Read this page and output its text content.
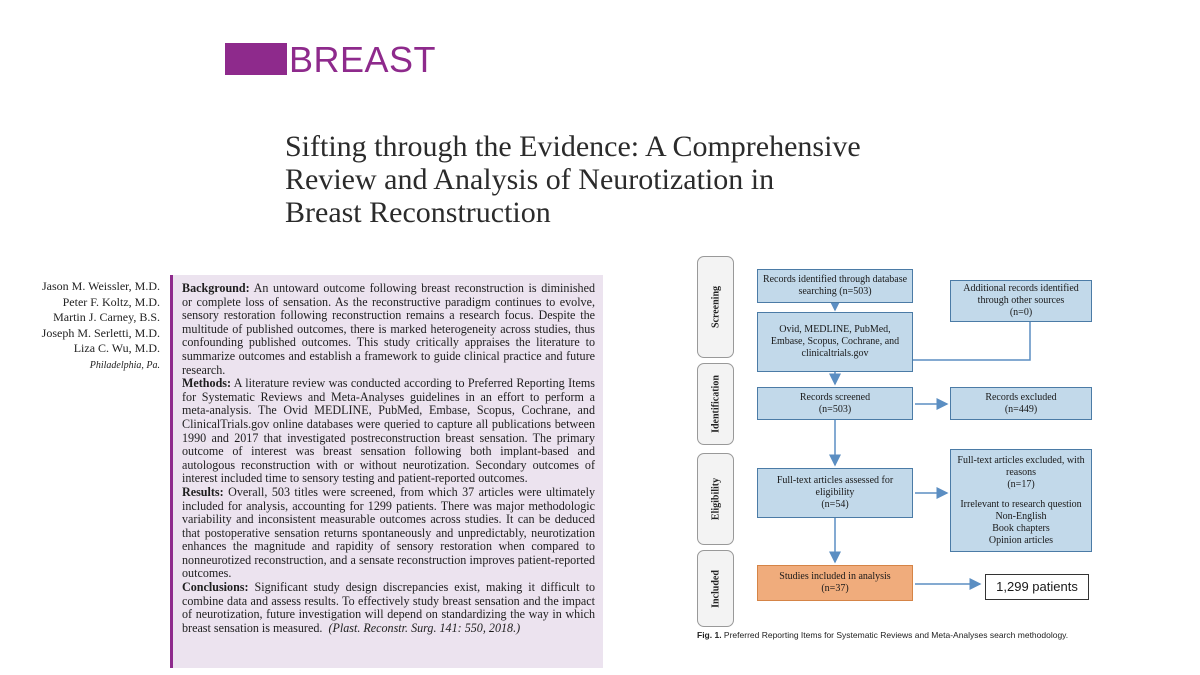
BREAST
Sifting through the Evidence: A Comprehensive
Review and Analysis of Neurotization in
Breast Reconstruction
Jason M. Weissler, M.D.
Peter F. Koltz, M.D.
Martin J. Carney, B.S.
Joseph M. Serletti, M.D.
Liza C. Wu, M.D.
Philadelphia, Pa.

Background: An untoward outcome following breast reconstruction is diminished or complete loss of sensation. As the reconstructive paradigm continues to evolve, sensory restoration following reconstruction remains a research focus. Despite the multitude of published outcomes, there is marked heterogeneity across studies, thus confounding published outcomes. This study critically appraises the literature to summarize outcomes and establish a framework to guide clinical practice and future research.

Methods: A literature review was conducted according to Preferred Reporting Items for Systematic Reviews and Meta-Analyses guidelines in an effort to perform a meta-analysis. The Ovid MEDLINE, PubMed, Embase, Scopus, Cochrane, and ClinicalTrials.gov online databases were queried to capture all publications between 1990 and 2017 that investigated postreconstruction breast sensation. The primary outcome of interest was breast sensation following both implant-based and autologous reconstruction with or without neurotization. Secondary outcomes of interest included time to sensory testing and patient-reported outcomes.

Results: Overall, 503 titles were screened, from which 37 articles were ultimately included for analysis, accounting for 1299 patients. There was major methodologic variability and inconsistent measurable outcomes across studies. It can be deduced that postoperative sensation returns spontaneously and unpredictably, neurotization enhances the magnitude and rapidity of sensory restoration when compared to nonneurotized reconstruction, and a sensate reconstruction improves patient-reported outcomes.

Conclusions: Significant study design discrepancies exist, making it difficult to combine data and assess results. To effectively study breast sensation and the impact of neurotization, future investigation will depend on standardizing the way in which breast sensation is measured. (Plast. Reconstr. Surg. 141: 550, 2018.)

Screening
Identification
Eligibility
Included
Records identified through database
searching (n=503)
Ovid, MEDLINE, PubMed,
Embase, Scopus, Cochrane, and
clinicaltrials.gov
Additional records identified
through other sources
(n=0)
Records screened
(n=503)
Records excluded
(n=449)
Full-text articles assessed for
eligibility
(n=54)
Full-text articles excluded, with
reasons
(n=17)
Irrelevant to research question
Non-English
Book chapters
Opinion articles
Studies included in analysis
(n=37)	1,299 patients
Fig. 1. Preferred Reporting Items for Systematic Reviews and Meta-Analyses search methodology.
